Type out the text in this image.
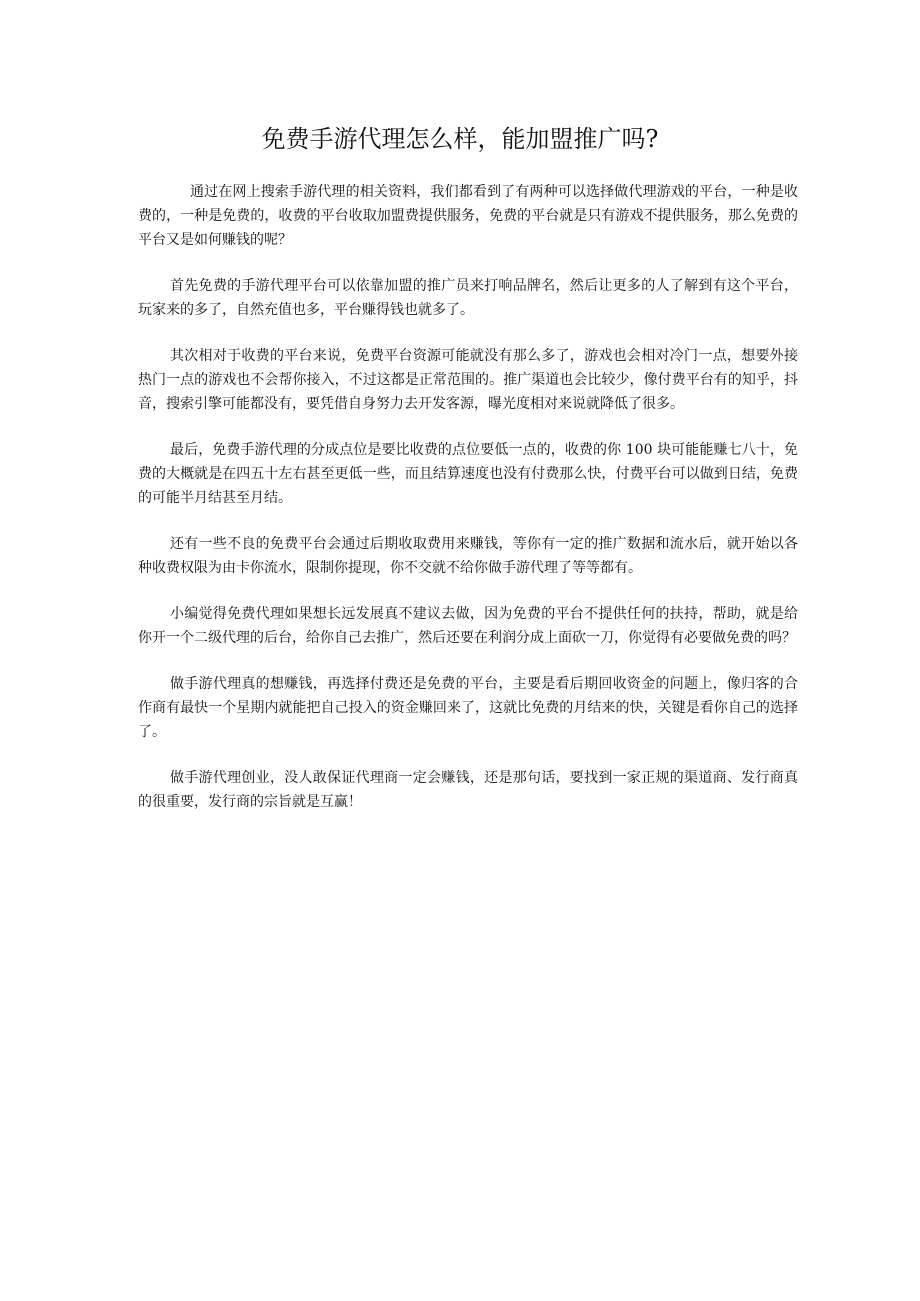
免费手游代理怎么样，能加盟推广吗?

通过在网上搜索手游代理的相关资料，我们都看到了有两种可以选择做代理游戏的平台，一种是收费的，一种是免费的，收费的平台收取加盟费提供服务，免费的平台就是只有游戏不提供服务，那么免费的平台又是如何赚钱的呢？

首先免费的手游代理平台可以依靠加盟的推广员来打响品牌名，然后让更多的人了解到有这个平台，玩家来的多了，自然充值也多，平台赚得钱也就多了。

其次相对于收费的平台来说，免费平台资源可能就没有那么多了，游戏也会相对冷门一点，想要外接热门一点的游戏也不会帮你接入，不过这都是正常范围的。推广渠道也会比较少，像付费平台有的知乎，抖音，搜索引擎可能都没有，要凭借自身努力去开发客源，曝光度相对来说就降低了很多。

最后，免费手游代理的分成点位是要比收费的点位要低一点的，收费的你 100 块可能能赚七八十，免费的大概就是在四五十左右甚至更低一些，而且结算速度也没有付费那么快，付费平台可以做到日结，免费的可能半月结甚至月结。

还有一些不良的免费平台会通过后期收取费用来赚钱，等你有一定的推广数据和流水后，就开始以各种收费权限为由卡你流水，限制你提现，你不交就不给你做手游代理了等等都有。

小编觉得免费代理如果想长远发展真不建议去做，因为免费的平台不提供任何的扶持，帮助，就是给你开一个二级代理的后台，给你自己去推广，然后还要在利润分成上面砍一刀，你觉得有必要做免费的吗？

做手游代理真的想赚钱，再选择付费还是免费的平台，主要是看后期回收资金的问题上，像归客的合作商有最快一个星期内就能把自己投入的资金赚回来了，这就比免费的月结来的快，关键是看你自己的选择了。

做手游代理创业，没人敢保证代理商一定会赚钱，还是那句话，要找到一家正规的渠道商、发行商真的很重要，发行商的宗旨就是互赢！
